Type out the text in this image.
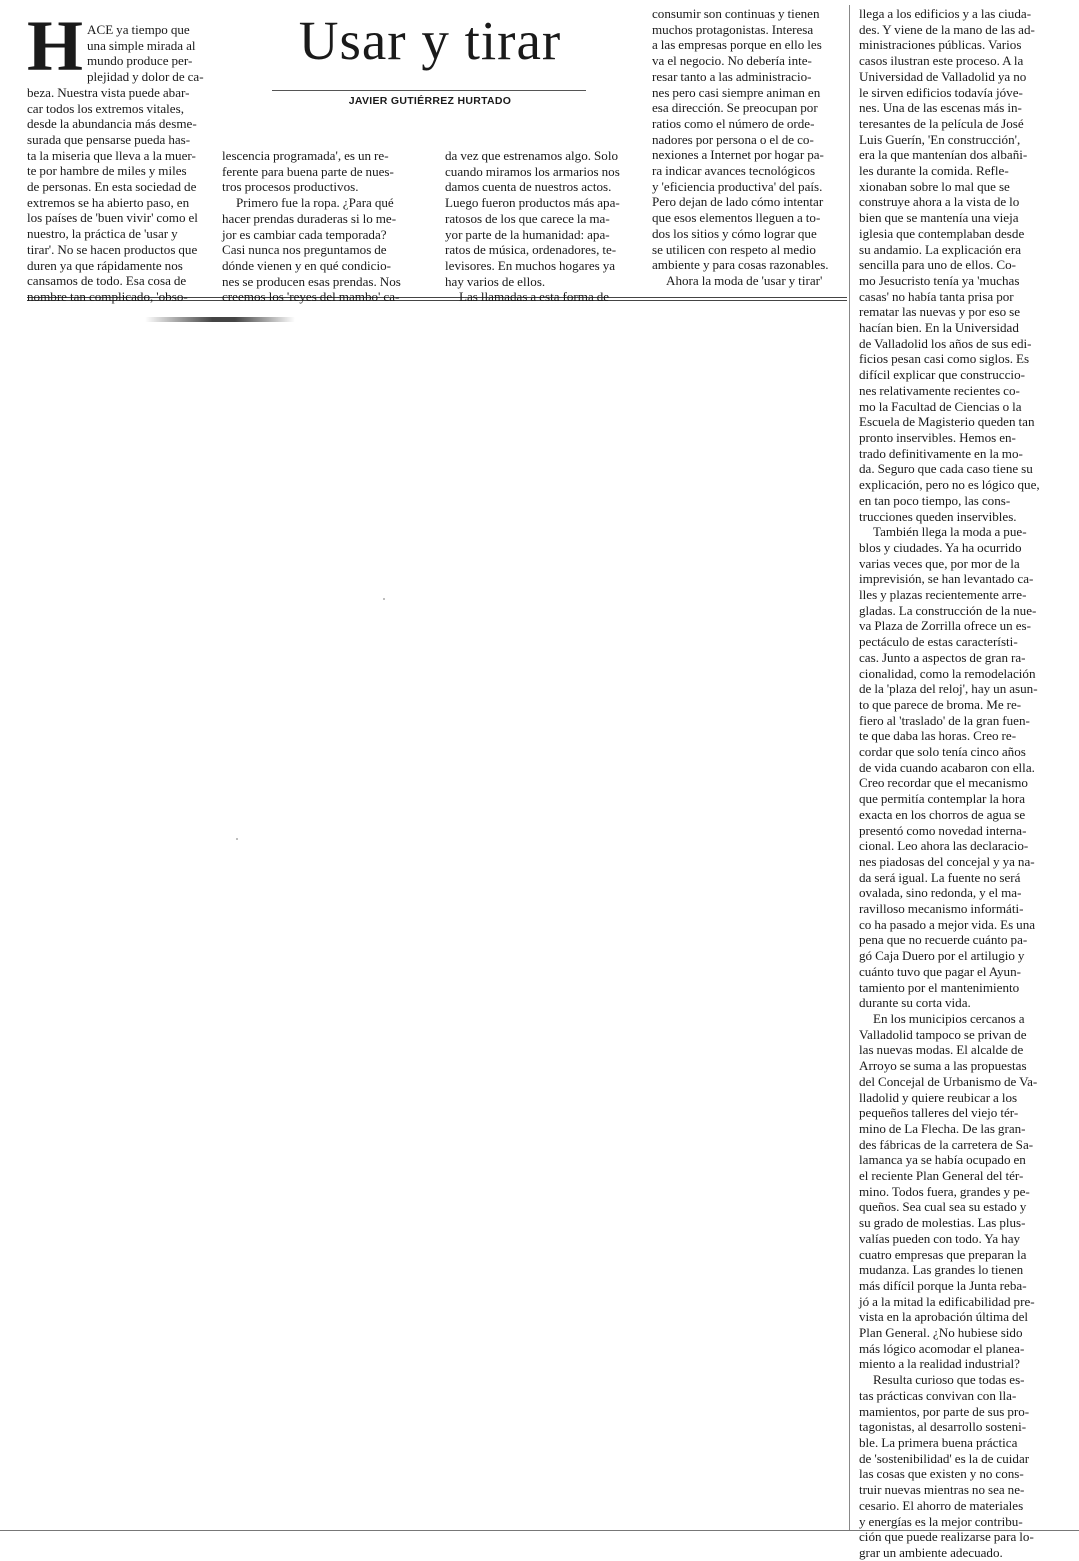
H	Usar y tirar
JAVIER GUTIÉRREZ HURTADO
ACE ya tiempo que
una simple mirada al
mundo produce per-
plejidad y dolor de ca-
beza. Nuestra vista puede abar-
car todos los extremos vitales,
desde la abundancia más desme-
surada que pensarse pueda has-
ta la miseria que lleva a la muer-
te por hambre de miles y miles
de personas. En esta sociedad de
extremos se ha abierto paso, en
los países de 'buen vivir' como el
nuestro, la práctica de 'usar y
tirar'. No se hacen productos que
duren ya que rápidamente nos
cansamos de todo. Esa cosa de
nombre tan complicado, 'obso-
lescencia programada', es un re-
ferente para buena parte de nues-
tros procesos productivos.
Primero fue la ropa. ¿Para qué
hacer prendas duraderas si lo me-
jor es cambiar cada temporada?
Casi nunca nos preguntamos de
dónde vienen y en qué condicio-
nes se producen esas prendas. Nos
creemos los 'reyes del mambo' ca-
da vez que estrenamos algo. Solo
cuando miramos los armarios nos
damos cuenta de nuestros actos.
Luego fueron productos más apa-
ratosos de los que carece la ma-
yor parte de la humanidad: apa-
ratos de música, ordenadores, te-
levisores. En muchos hogares ya
hay varios de ellos.
Las llamadas a esta forma de
consumir son continuas y tienen
muchos protagonistas. Interesa
a las empresas porque en ello les
va el negocio. No debería inte-
resar tanto a las administracio-
nes pero casi siempre animan en
esa dirección. Se preocupan por
ratios como el número de orde-
nadores por persona o el de co-
nexiones a Internet por hogar pa-
ra indicar avances tecnológicos
y 'eficiencia productiva' del país.
Pero dejan de lado cómo intentar
que esos elementos lleguen a to-
dos los sitios y cómo lograr que
se utilicen con respeto al medio
ambiente y para cosas razonables.
Ahora la moda de 'usar y tirar'
llega a los edificios y a las ciuda-
des. Y viene de la mano de las ad-
ministraciones públicas. Varios
casos ilustran este proceso. A la
Universidad de Valladolid ya no
le sirven edificios todavía jóve-
nes. Una de las escenas más in-
teresantes de la película de José
Luis Guerín, 'En construcción',
era la que mantenían dos albañi-
les durante la comida. Refle-
xionaban sobre lo mal que se
construye ahora a la vista de lo
bien que se mantenía una vieja
iglesia que contemplaban desde
su andamio. La explicación era
sencilla para uno de ellos. Co-
mo Jesucristo tenía ya 'muchas
casas' no había tanta prisa por
rematar las nuevas y por eso se
hacían bien. En la Universidad
de Valladolid los años de sus edi-
ficios pesan casi como siglos. Es
difícil explicar que construccio-
nes relativamente recientes co-
mo la Facultad de Ciencias o la
Escuela de Magisterio queden tan
pronto inservibles. Hemos en-
trado definitivamente en la mo-
da. Seguro que cada caso tiene su
explicación, pero no es lógico que,
en tan poco tiempo, las cons-
trucciones queden inservibles.
También llega la moda a pue-
blos y ciudades. Ya ha ocurrido
varias veces que, por mor de la
imprevisión, se han levantado ca-
lles y plazas recientemente arre-
gladas. La construcción de la nue-
va Plaza de Zorrilla ofrece un es-
pectáculo de estas característi-
cas. Junto a aspectos de gran ra-
cionalidad, como la remodelación
de la 'plaza del reloj', hay un asun-
to que parece de broma. Me re-
fiero al 'traslado' de la gran fuen-
te que daba las horas. Creo re-
cordar que solo tenía cinco años
de vida cuando acabaron con ella.
Creo recordar que el mecanismo
que permitía contemplar la hora
exacta en los chorros de agua se
presentó como novedad interna-
cional. Leo ahora las declaracio-
nes piadosas del concejal y ya na-
da será igual. La fuente no será
ovalada, sino redonda, y el ma-
ravilloso mecanismo informáti-
co ha pasado a mejor vida. Es una
pena que no recuerde cuánto pa-
gó Caja Duero por el artilugio y
cuánto tuvo que pagar el Ayun-
tamiento por el mantenimiento
durante su corta vida.
En los municipios cercanos a
Valladolid tampoco se privan de
las nuevas modas. El alcalde de
Arroyo se suma a las propuestas
del Concejal de Urbanismo de Va-
lladolid y quiere reubicar a los
pequeños talleres del viejo tér-
mino de La Flecha. De las gran-
des fábricas de la carretera de Sa-
lamanca ya se había ocupado en
el reciente Plan General del tér-
mino. Todos fuera, grandes y pe-
queños. Sea cual sea su estado y
su grado de molestias. Las plus-
valías pueden con todo. Ya hay
cuatro empresas que preparan la
mudanza. Las grandes lo tienen
más difícil porque la Junta reba-
jó a la mitad la edificabilidad pre-
vista en la aprobación última del
Plan General. ¿No hubiese sido
más lógico acomodar el planea-
miento a la realidad industrial?
Resulta curioso que todas es-
tas prácticas convivan con lla-
mamientos, por parte de sus pro-
tagonistas, al desarrollo sosteni-
ble. La primera buena práctica
de 'sostenibilidad' es la de cuidar
las cosas que existen y no cons-
truir nuevas mientras no sea ne-
cesario. El ahorro de materiales
y energías es la mejor contribu-
ción que puede realizarse para lo-
grar un ambiente adecuado.
